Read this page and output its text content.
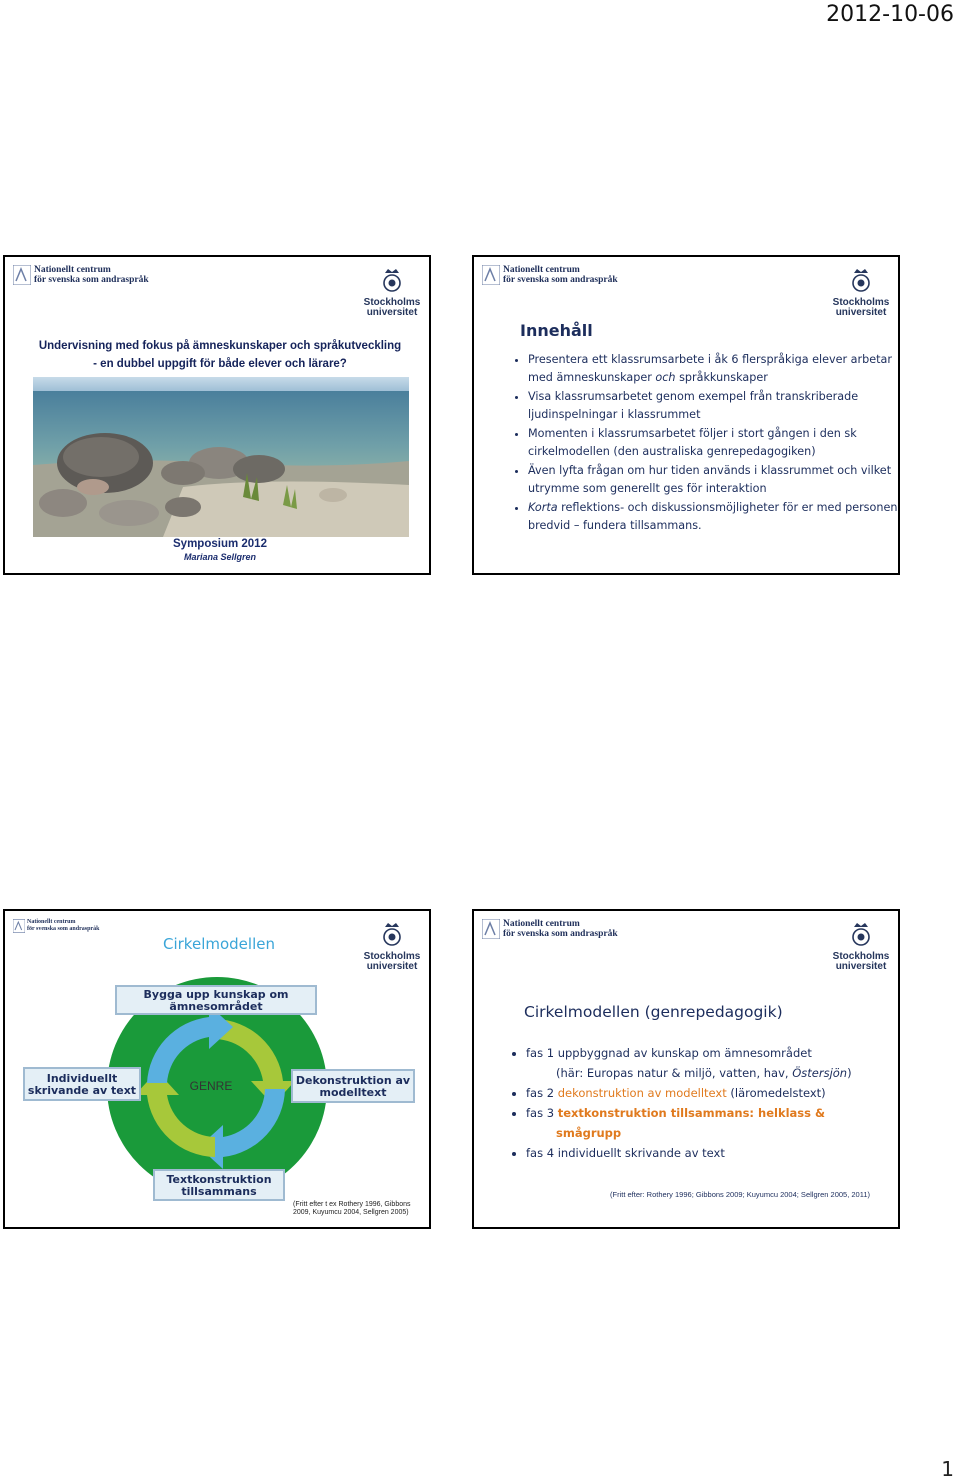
2012-10-06
Nationellt centrum
för svenska som andraspråk
Stockholms
universitet
Undervisning med fokus på ämneskunskaper och språkutveckling
- en dubbel uppgift för både elever och lärare?
Symposium 2012
Mariana Sellgren
Nationellt centrum
för svenska som andraspråk
Stockholms
universitet
Innehåll
• Presentera ett klassrumsarbete i åk 6 flerspråkiga elever arbetar med ämneskunskaper och språkkunskaper
• Visa klassrumsarbetet genom exempel från transkriberade ljudinspelningar i klassrummet
• Momenten i klassrumsarbetet följer i stort gången i den sk cirkelmodellen (den australiska genrepedagogiken)
• Även lyfta frågan om hur tiden används i klassrummet och vilket utrymme som generellt ges för interaktion
• Korta reflektions- och diskussionsmöjligheter för er med personen bredvid – fundera tillsammans.
Nationellt centrum
för svenska som andraspråk
Stockholms
universitet
Cirkelmodellen
GENRE
Bygga upp kunskap om ämnesområdet
Individuellt skrivande av text
Dekonstruktion av modelltext
Textkonstruktion tillsammans
(Fritt efter t ex Rothery 1996, Gibbons 2009, Kuyumcu 2004, Sellgren 2005)
Nationellt centrum
för svenska som andraspråk
Stockholms
universitet
Cirkelmodellen (genrepedagogik)
• fas 1 uppbyggnad av kunskap om ämnesområdet
(här: Europas natur & miljö, vatten, hav, Östersjön)
• fas 2 dekonstruktion av modelltext (läromedelstext)
• fas 3 textkonstruktion tillsammans: helklass &
smågrupp
• fas 4 individuellt skrivande av text
(Fritt efter: Rothery 1996; Gibbons 2009; Kuyumcu 2004; Sellgren 2005, 2011)
1
